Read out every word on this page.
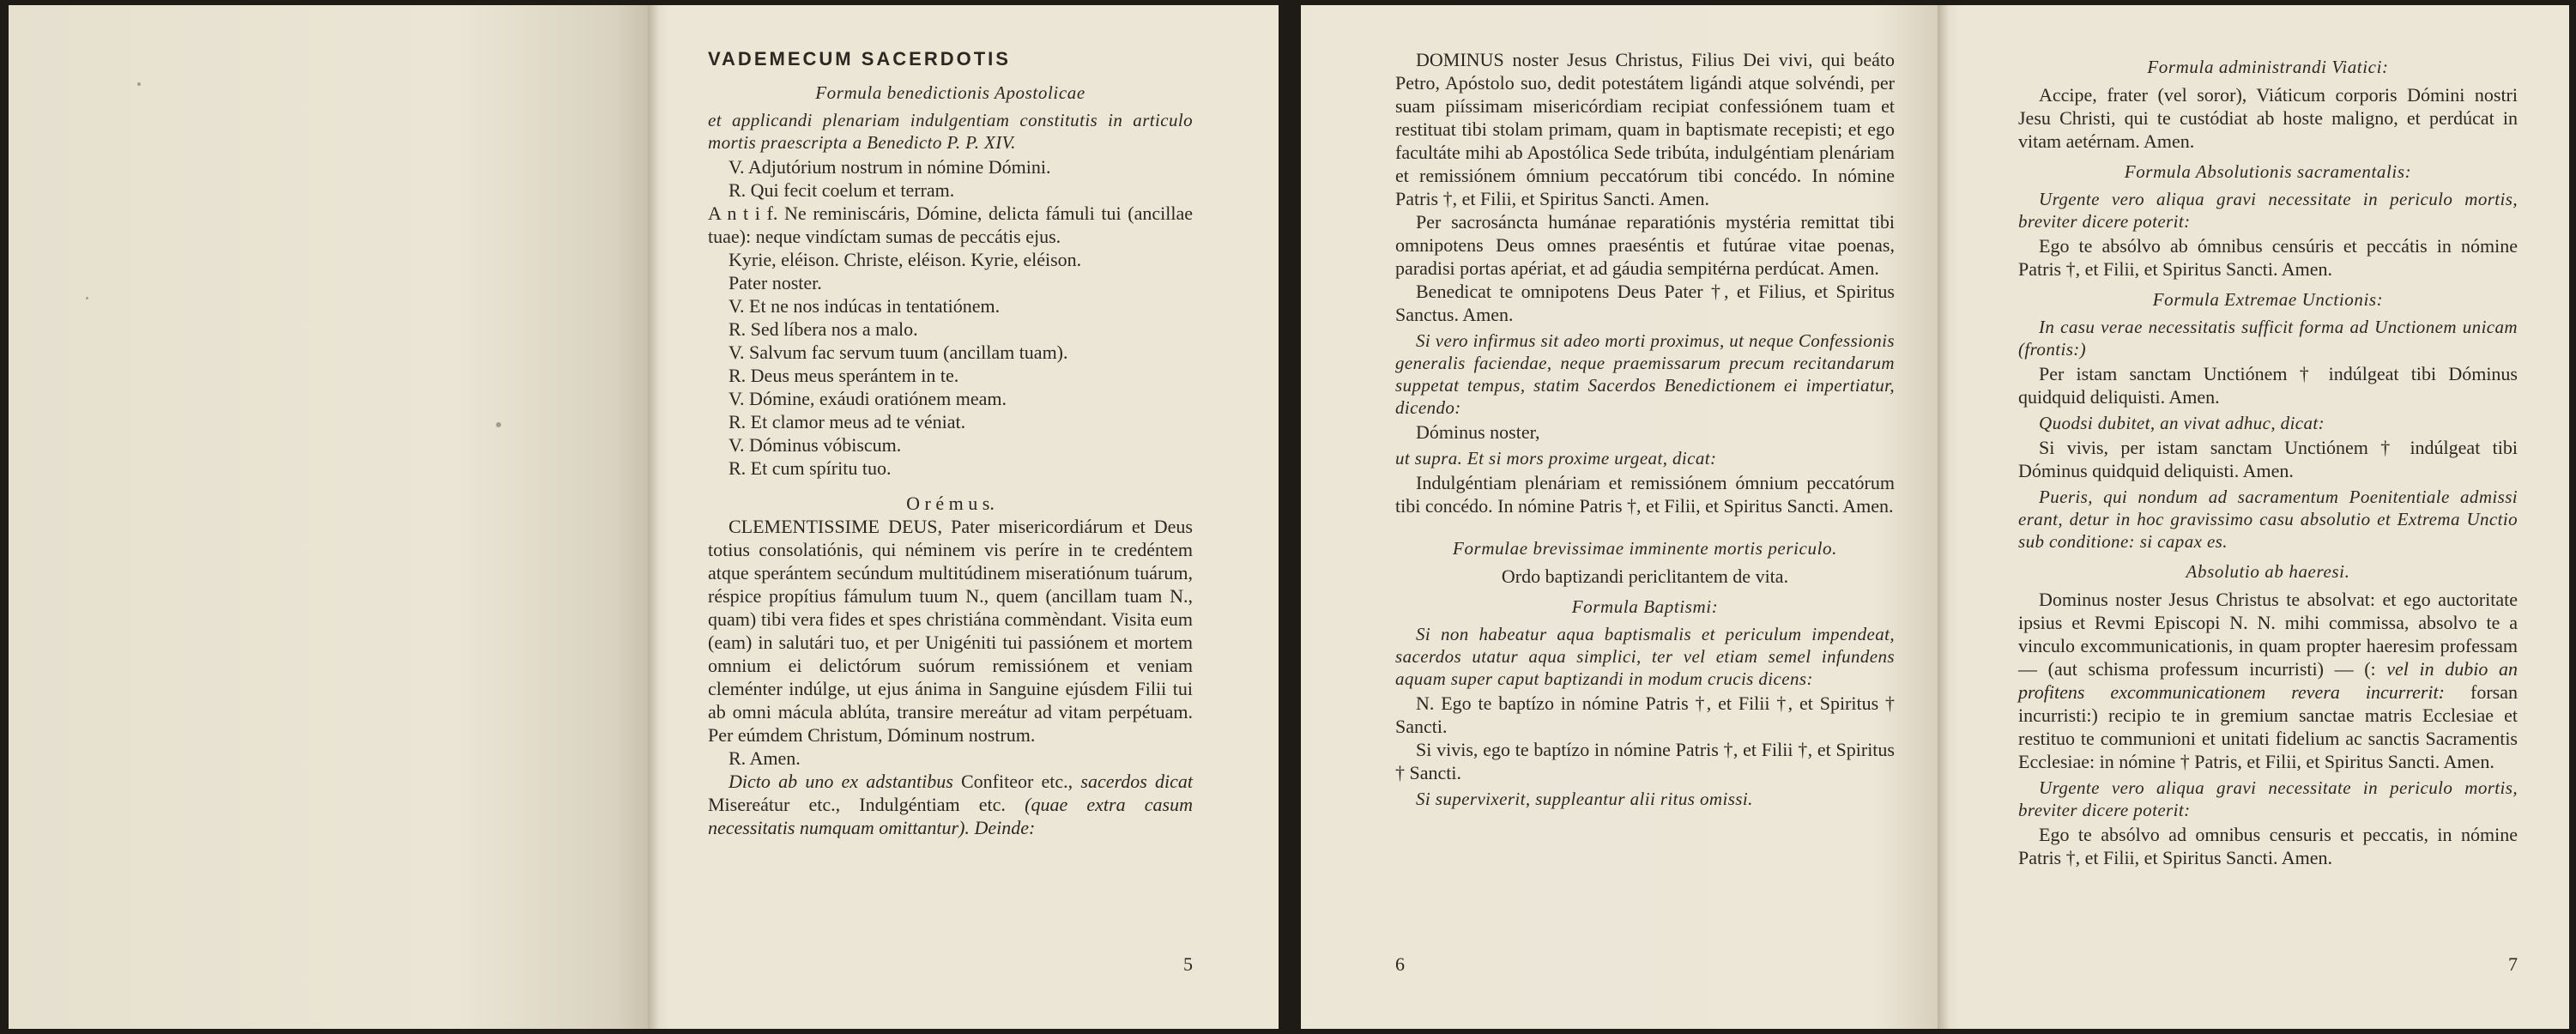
VADEMECUM SACERDOTIS

Formula benedictionis Apostolicae

et applicandi plenariam indulgentiam constitutis in articulo mortis praescripta a Benedicto P. P. XIV.

V. Adjutórium nostrum in nómine Dómini.

R. Qui fecit coelum et terram.

A n t i f. Ne reminiscáris, Dómine, delicta fámuli tui (ancillae tuae): neque vindíctam sumas de peccátis ejus.

Kyrie, eléison. Christe, eléison. Kyrie, eléison.

Pater noster.

V. Et ne nos indúcas in tentatiónem.

R. Sed líbera nos a malo.

V. Salvum fac servum tuum (ancillam tuam).

R. Deus meus sperántem in te.

V. Dómine, exáudi oratiónem meam.

R. Et clamor meus ad te véniat.

V. Dóminus vóbiscum.

R. Et cum spíritu tuo.

O r é m u s.

CLEMENTISSIME DEUS, Pater misericordiárum et Deus totius consolatiónis, qui néminem vis períre in te credéntem atque sperántem secúndum multitúdinem miseratiónum tuárum, réspice propítius fámulum tuum N., quem (ancillam tuam N., quam) tibi vera fides et spes christiána commèndant. Visita eum (eam) in salutári tuo, et per Unigéniti tui passiónem et mortem omnium ei delictórum suórum remissiónem et veniam cleménter indúlge, ut ejus ánima in Sanguine ejúsdem Filii tui ab omni mácula ablúta, transire mereátur ad vitam perpétuam. Per eúmdem Christum, Dóminum nostrum.

R. Amen.

Dicto ab uno ex adstantibus Confiteor etc., sacerdos dicat Misereátur etc., Indulgéntiam etc. (quae extra casum necessitatis numquam omittantur). Deinde:

5

DOMINUS noster Jesus Christus, Filius Dei vivi, qui beáto Petro, Apóstolo suo, dedit potestátem ligándi atque solvéndi, per suam piíssimam misericórdiam recipiat confessiónem tuam et restituat tibi stolam primam, quam in baptismate recepisti; et ego facultáte mihi ab Apostólica Sede tribúta, indulgéntiam plenáriam et remissiónem ómnium peccatórum tibi concédo. In nómine Patris †, et Filii, et Spiritus Sancti. Amen.

Per sacrosáncta humánae reparatiónis mystéria remittat tibi omnipotens Deus omnes praeséntis et futúrae vitae poenas, paradisi portas apériat, et ad gáudia sempitérna perdúcat. Amen.

Benedicat te omnipotens Deus Pater †, et Filius, et Spiritus Sanctus. Amen.

Si vero infirmus sit adeo morti proximus, ut neque Confessionis generalis faciendae, neque praemissarum precum recitandarum suppetat tempus, statim Sacerdos Benedictionem ei impertiatur, dicendo:

Dóminus noster,

ut supra. Et si mors proxime urgeat, dicat:

Indulgéntiam plenáriam et remissiónem ómnium peccatórum tibi concédo. In nómine Patris †, et Filii, et Spiritus Sancti. Amen.

Formulae brevissimae imminente mortis periculo.

Ordo baptizandi periclitantem de vita.

Formula Baptismi:

Si non habeatur aqua baptismalis et periculum impendeat, sacerdos utatur aqua simplici, ter vel etiam semel infundens aquam super caput baptizandi in modum crucis dicens:

N. Ego te baptízo in nómine Patris †, et Filii †, et Spiritus † Sancti.

Si vivis, ego te baptízo in nómine Patris †, et Filii †, et Spiritus † Sancti.

Si supervixerit, suppleantur alii ritus omissi.

6

Formula administrandi Viatici:

Accipe, frater (vel soror), Viáticum corporis Dómini nostri Jesu Christi, qui te custódiat ab hoste maligno, et perdúcat in vitam aetérnam. Amen.

Formula Absolutionis sacramentalis:

Urgente vero aliqua gravi necessitate in periculo mortis, breviter dicere poterit:

Ego te absólvo ab ómnibus censúris et peccátis in nómine Patris †, et Filii, et Spiritus Sancti. Amen.

Formula Extremae Unctionis:

In casu verae necessitatis sufficit forma ad Unctionem unicam (frontis:)

Per istam sanctam Unctiónem † indúlgeat tibi Dóminus quidquid deliquisti. Amen.

Quodsi dubitet, an vivat adhuc, dicat:

Si vivis, per istam sanctam Unctiónem † indúlgeat tibi Dóminus quidquid deliquisti. Amen.

Pueris, qui nondum ad sacramentum Poenitentiale admissi erant, detur in hoc gravissimo casu absolutio et Extrema Unctio sub conditione: si capax es.

Absolutio ab haeresi.

Dominus noster Jesus Christus te absolvat: et ego auctoritate ipsius et Revmi Episcopi N. N. mihi commissa, absolvo te a vinculo excommunicationis, in quam propter haeresim professam — (aut schisma professum incurristi) — (: vel in dubio an profitens excommunicationem revera incurrerit: forsan incurristi:) recipio te in gremium sanctae matris Ecclesiae et restituo te communioni et unitati fidelium ac sanctis Sacramentis Ecclesiae: in nómine † Patris, et Filii, et Spiritus Sancti. Amen.

Urgente vero aliqua gravi necessitate in periculo mortis, breviter dicere poterit:

Ego te absólvo ad omnibus censuris et peccatis, in nómine Patris †, et Filii, et Spiritus Sancti. Amen.

7
